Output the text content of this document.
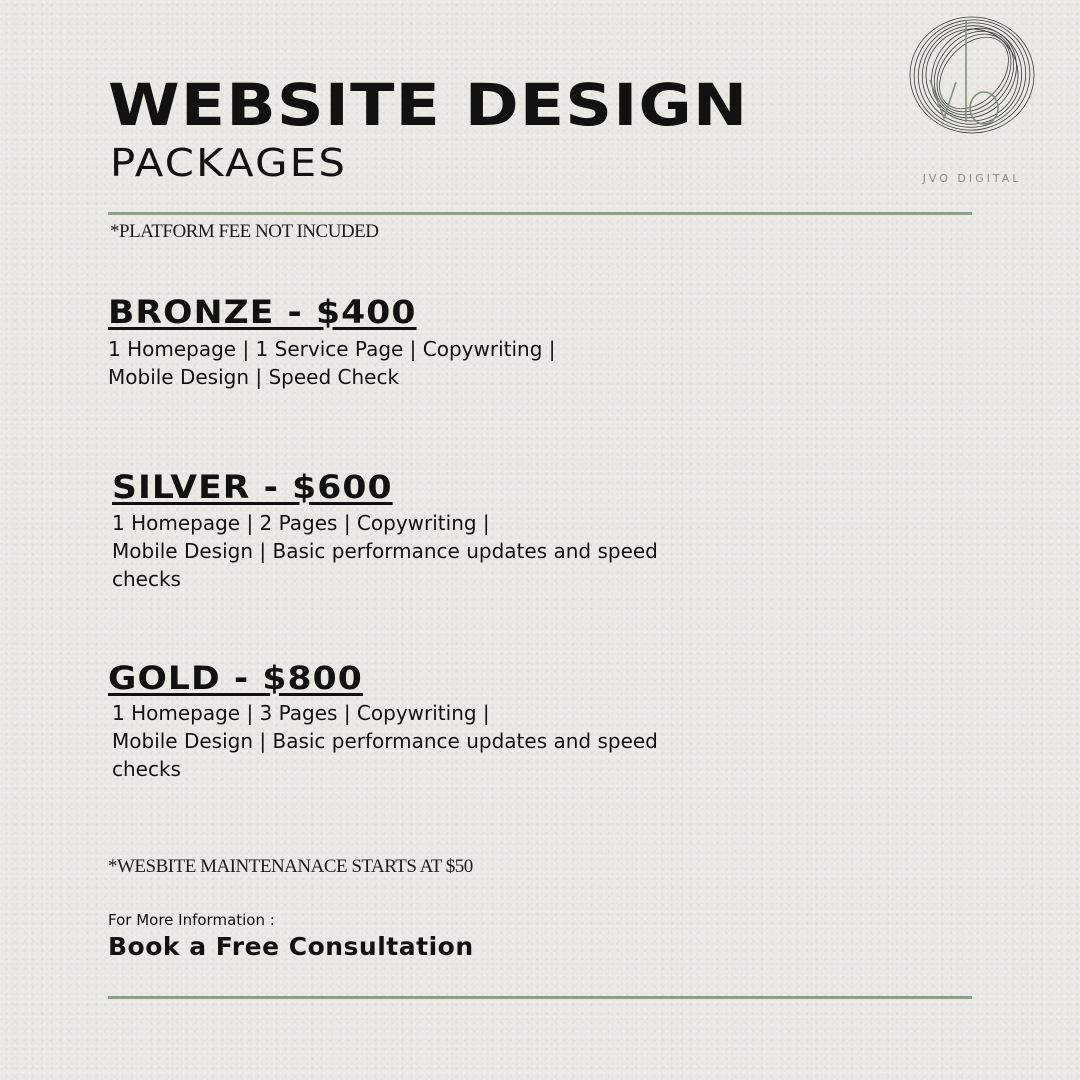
WEBSITE DESIGN
PACKAGES	JVO DIGITAL
*PLATFORM FEE NOT INCUDED
BRONZE - $400
1 Homepage | 1 Service Page | Copywriting |
Mobile Design | Speed Check
SILVER - $600
1 Homepage | 2 Pages | Copywriting |
Mobile Design | Basic performance updates and speed
checks
GOLD - $800
1 Homepage | 3 Pages | Copywriting |
Mobile Design | Basic performance updates and speed
checks
*WESBITE MAINTENANACE STARTS AT $50
For More Information :
Book a Free Consultation
